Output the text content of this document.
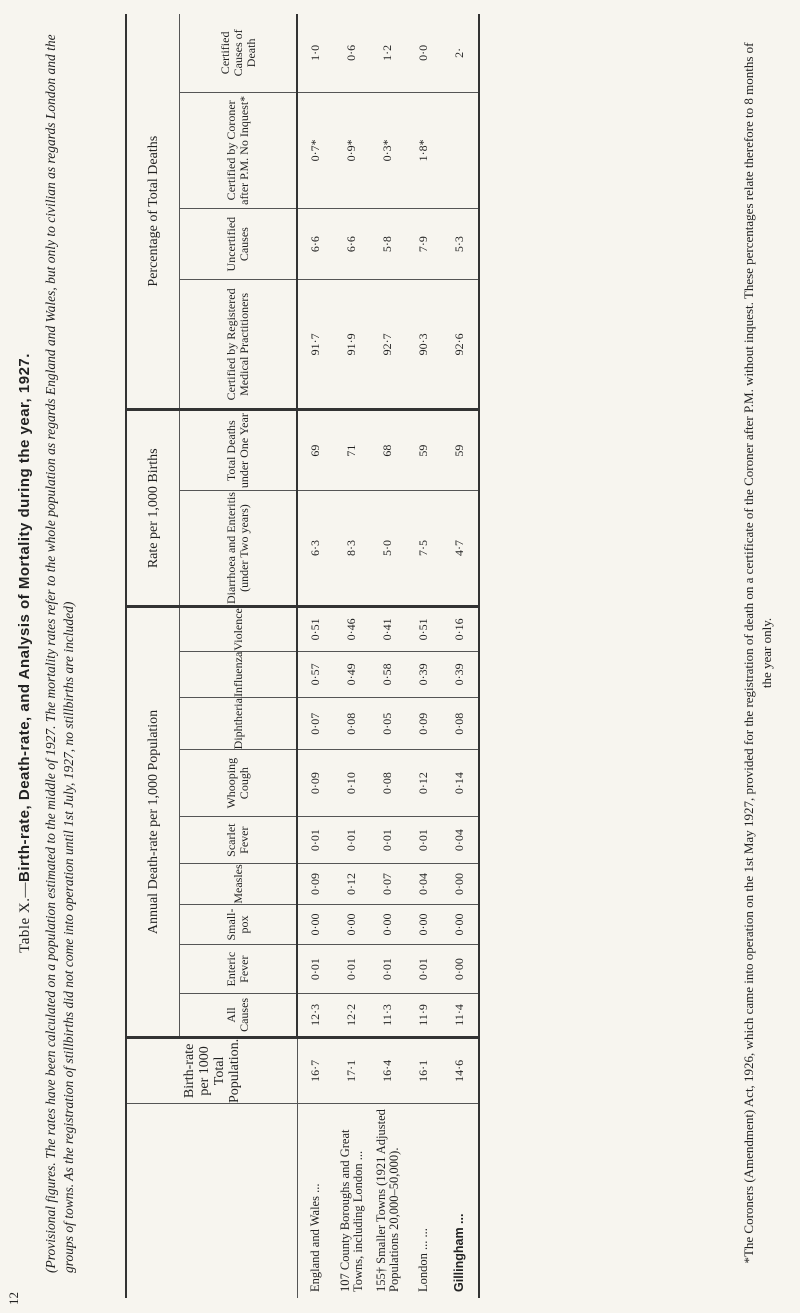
12
Table X.—Birth-rate, Death-rate, and Analysis of Mortality during the year, 1927. (Provisional figures. The rates have been calculated on a population estimated to the middle of 1927. The mortality rates refer to the whole population as regards England and Wales, but only to civilian as regards London and the groups of towns. As the registration of stillbirths did not come into operation until 1st July, 1927, no stillbirths are included)
		Birth-rate per 1000 Total Population.	Annual Death-rate per 1,000 Population									Rate per 1,000 Births		Percentage of Total Deaths			
		All Causes	Enteric Fever	Small-pox	Measles	Scarlet Fever	Whooping Cough	Diphtheria	Influenza	Violence	Diarrhoea and Enteritis (under Two years)	Total Deaths under One Year	Certified by Registered Medical Practitioners	Uncertified Causes	Certified by Coroner after P.M. No Inquest*	Certified Causes of Death
England and Wales ...	16·7	12·3	0·01	0·00	0·09	0·01	0·09	0·07	0·57	0·51	6·3	69	91·7	6·6	0·7*	1·0
107 County Boroughs and Great Towns, including London ...	17·1	12·2	0·01	0·00	0·12	0·01	0·10	0·08	0·49	0·46	8·3	71	91·9	6·6	0·9*	0·6
155† Smaller Towns (1921 Adjusted Populations 20,000–50,000).	16·4	11·3	0·01	0·00	0·07	0·01	0·08	0·05	0·58	0·41	5·0	68	92·7	5·8	0·3*	1·2
London ... ...	16·1	11·9	0·01	0·00	0·04	0·01	0·12	0·09	0·39	0·51	7·5	59	90·3	7·9	1·8*	0·0
Gillingham ...	14·6	11·4	0·00	0·00	0·00	0·04	0·14	0·08	0·39	0·16	4·7	59	92·6	5·3		2·	*The Coroners (Amendment) Act, 1926, which came into operation on the 1st May 1927, provided for the registration of death on a certificate of the Coroner after P.M. without inquest. These percentages relate therefore to 8 months of the year only.
